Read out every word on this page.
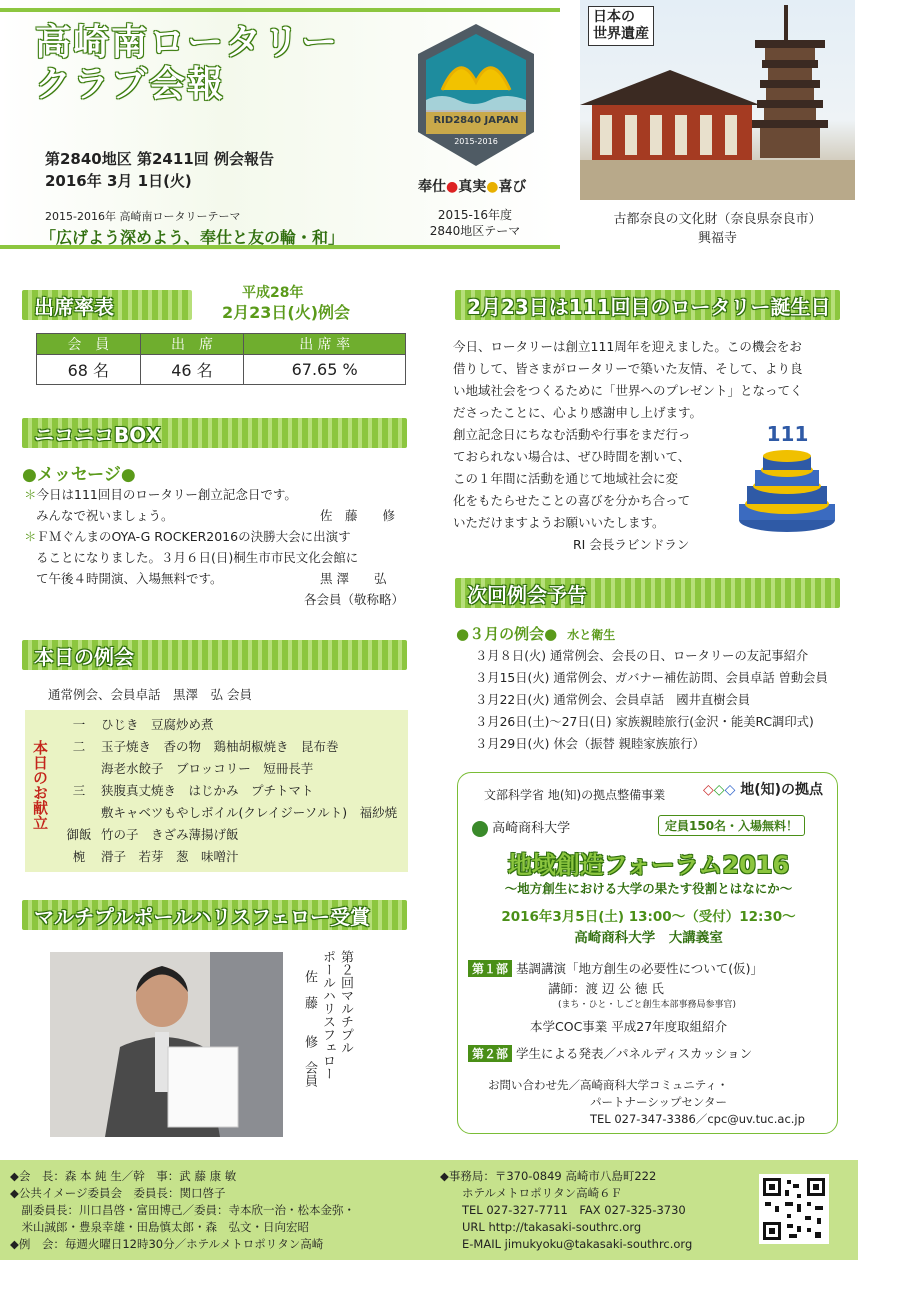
高崎南ロータリー
クラブ会報
第2840地区 第2411回 例会報告
2016年 3月 1日(火)
2015-2016年 高崎南ロータリーテーマ
「広げよう深めよう、奉仕と友の輪・和」
RID2840 JAPAN
2015-2016
奉仕●真実●喜び
2015-16年度
2840地区テーマ
日本の
世界遺産
古都奈良の文化財（奈良県奈良市）
興福寺
出席率表
平成28年
2月23日(火)例会
会　員	出　席	出 席 率
68 名	46 名	67.65 %
ニコニコBOX
●メッセージ●
＊今日は111回目のロータリー創立記念日です。
みんなで祝いましょう。	佐　藤　　修
＊ＦＭぐんまのOYA-G ROCKER2016の決勝大会に出演す
ることになりました。３月６日(日)桐生市市民文化会館に
て午後４時開演、入場無料です。	黒 澤　　弘
各会員（敬称略）
本日の例会
通常例会、会員卓話　黒澤　弘 会員
本日のお献立
一 ひじき　豆腐炒め煮
二 玉子焼き　香の物　鶏柚胡椒焼き　昆布巻
海老水餃子　ブロッコリー　短冊長芋
三 狭腹真丈焼き　はじかみ　プチトマト
敷キャベツもやしボイル(クレイジーソルト)　福紗焼
御飯 竹の子　きざみ薄揚げ飯
椀 滑子　若芽　葱　味噌汁
マルチプルポールハリスフェロー受賞
第２回マルチプル
ポールハリスフェロー
佐　藤　　修　会員
2月23日は111回目のロータリー誕生日
今日、ロータリーは創立111周年を迎えました。この機会をお
借りして、皆さまがロータリーで築いた友情、そして、より良
い地域社会をつくるために「世界へのプレゼント」となってく
ださったことに、心より感謝申し上げます。
創立記念日にちなむ活動や行事をまだ行っ
ておられない場合は、ぜひ時間を割いて、
この１年間に活動を通じて地域社会に変
化をもたらせたことの喜びを分かち合って
いただけますようお願いいたします。
RI 会長ラビンドラン
111
次回例会予告
●３月の例会● 水と衛生
３月８日(火) 通常例会、会長の日、ロータリーの友記事紹介
３月15日(火) 通常例会、ガバナー補佐訪問、会員卓話 曽動会員
３月22日(火) 通常例会、会員卓話　國井直樹会員
３月26日(土)～27日(日) 家族親睦旅行(金沢・能美RC調印式)
３月29日(火) 休会（振替 親睦家族旅行）
文部科学省 地(知)の拠点整備事業	◇◇◇ 地(知)の拠点
高崎商科大学	定員150名・入場無料！
地域創造フォーラム2016
～地方創生における大学の果たす役割とはなにか～
2016年3月5日(土) 13:00～（受付）12:30～
高崎商科大学　大講義室
第１部 基調講演「地方創生の必要性について(仮)」
講師：渡 辺 公 徳 氏
(まち・ひと・しごと創生本部事務局参事官)
本学COC事業 平成27年度取組紹介
第２部 学生による発表／パネルディスカッション
お問い合わせ先／高崎商科大学コミュニティ・
パートナーシップセンター
TEL 027-347-3386／cpc@uv.tuc.ac.jp
◆会　長：森 本 純 生／幹　事：武 藤 康 敏
◆公共イメージ委員会　委員長：関口啓子
　副委員長：川口昌啓・富田博己／委員：寺本欣一治・松本金弥・
　米山誠郎・豊泉幸雄・田島慎太郎・森　弘文・日向宏昭
◆例　会：毎週火曜日12時30分／ホテルメトロポリタン高崎
◆事務局：〒370-0849 高崎市八島町222
ホテルメトロポリタン高崎６Ｆ
TEL 027-327-7711　FAX 027-325-3730
URL http://takasaki-southrc.org
E-MAIL jimukyoku@takasaki-southrc.org
